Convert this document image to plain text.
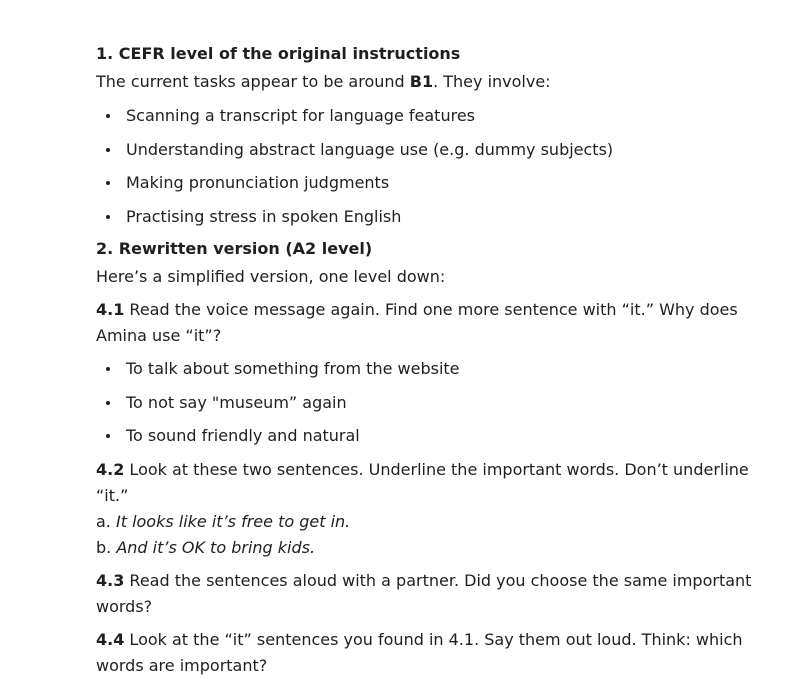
1. CEFR level of the original instructions

The current tasks appear to be around B1. They involve:

Scanning a transcript for language features
Understanding abstract language use (e.g. dummy subjects)
Making pronunciation judgments
Practising stress in spoken English

2. Rewritten version (A2 level)

Here’s a simplified version, one level down:

4.1 Read the voice message again. Find one more sentence with “it.” Why does Amina use “it”?

To talk about something from the website
To not say "museum” again
To sound friendly and natural

4.2 Look at these two sentences. Underline the important words. Don’t underline “it.”

a. It looks like it’s free to get in.

b. And it’s OK to bring kids.

4.3 Read the sentences aloud with a partner. Did you choose the same important words?

4.4 Look at the “it” sentences you found in 4.1. Say them out loud. Think: which words are important?
